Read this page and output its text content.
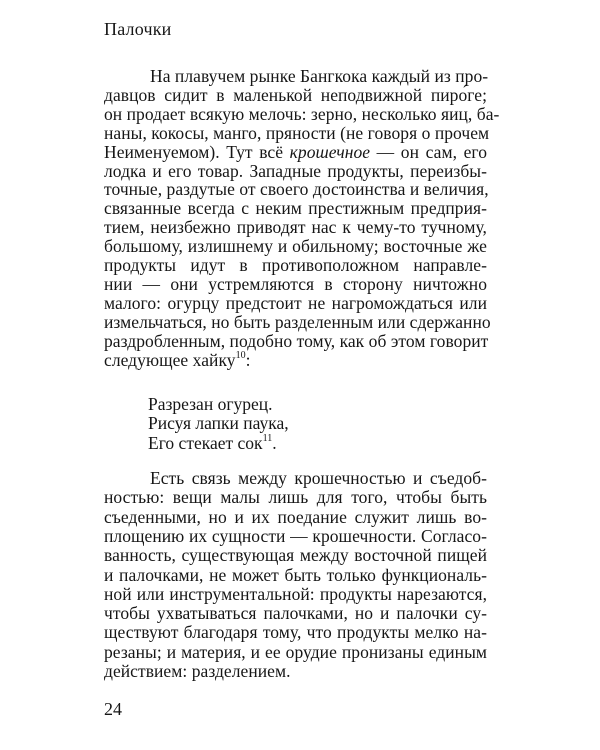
Палочки
На плавучем рынке Бангкока каждый из про-
давцов сидит в маленькой неподвижной пиро́ге;
он продает всякую мелочь: зерно, несколько яиц, ба-
наны, кокосы, манго, пряности (не говоря о прочем
Неименуемом). Тут всё крошечное — он сам, его
лодка и его товар. Западные продукты, переизбы-
точные, раздутые от своего достоинства и величия,
связанные всегда с неким престижным предприя-
тием, неизбежно приводят нас к чему-то тучному,
большому, излишнему и обильному; восточные же
продукты идут в противоположном направле-
нии — они устремляются в сторону ничтожно
малого: огурцу предстоит не нагромождаться или
измельчаться, но быть разделенным или сдержанно
раздробленным, подобно тому, как об этом говорит
следующее хайку$^{10}$:
Разрезан огурец.
Рисуя лапки паука,
Его стекает сок$^{11}$.
Есть связь между крошечностью и съедоб-
ностью: вещи малы лишь для того, чтобы быть
съеденными, но и их поедание служит лишь во-
площению их сущности — крошечности. Согласо-
ванность, существующая между восточной пищей
и палочками, не может быть только функциональ-
ной или инструментальной: продукты нарезаются,
чтобы ухватываться палочками, но и палочки су-
ществуют благодаря тому, что продукты мелко на-
резаны; и материя, и ее орудие пронизаны единым
действием: разделением.
24
